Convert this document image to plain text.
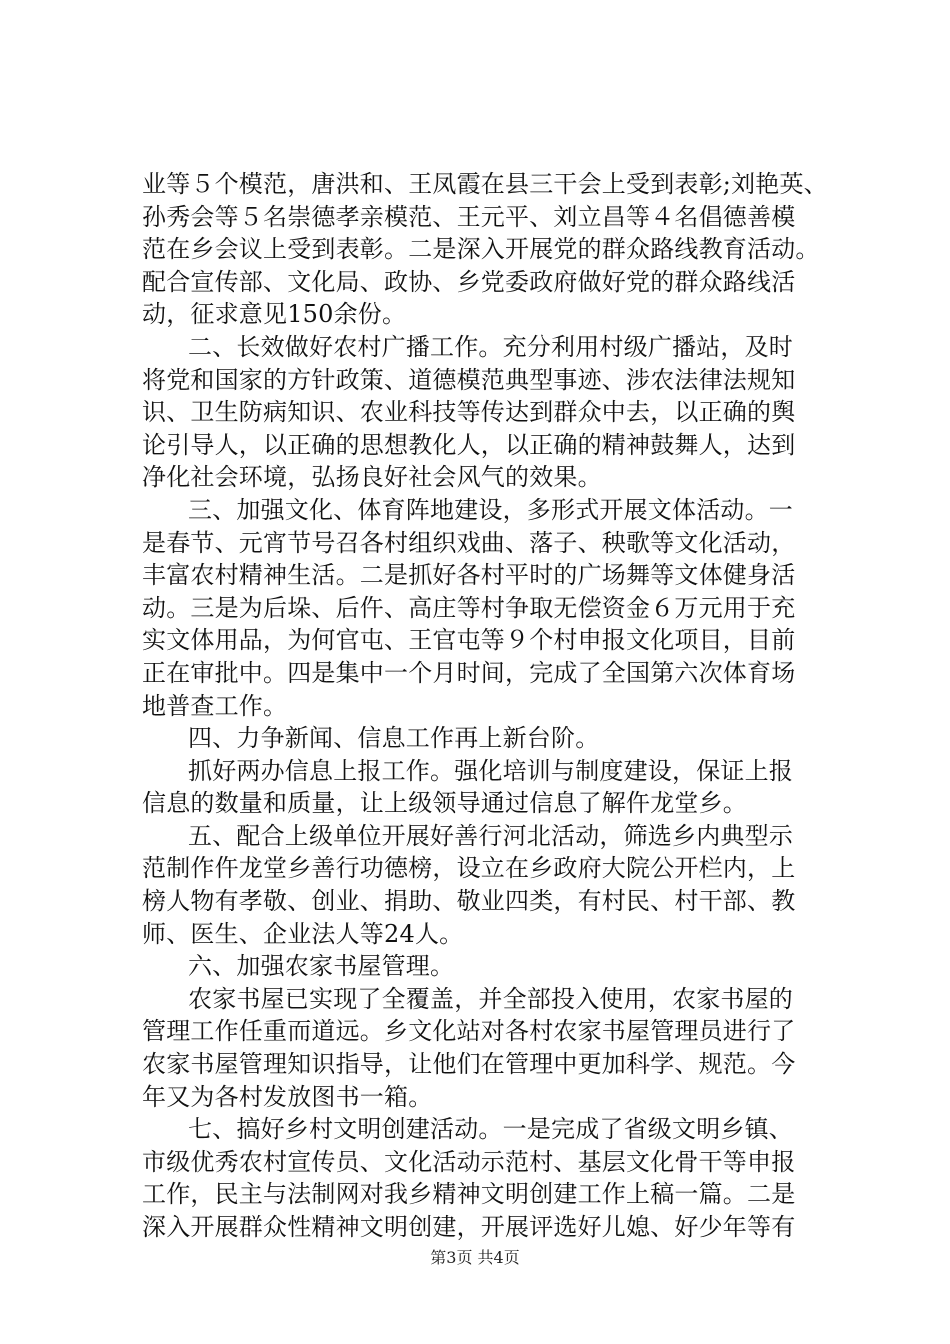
业等５个模范，唐洪和、王凤霞在县三干会上受到表彰;刘艳英、
孙秀会等５名崇德孝亲模范、王元平、刘立昌等４名倡德善模
范在乡会议上受到表彰。二是深入开展党的群众路线教育活动。
配合宣传部、文化局、政协、乡党委政府做好党的群众路线活
动，征求意见150余份。
二、长效做好农村广播工作。充分利用村级广播站，及时
将党和国家的方针政策、道德模范典型事迹、涉农法律法规知
识、卫生防病知识、农业科技等传达到群众中去，以正确的舆
论引导人，以正确的思想教化人，以正确的精神鼓舞人，达到
净化社会环境，弘扬良好社会风气的效果。
三、加强文化、体育阵地建设，多形式开展文体活动。一
是春节、元宵节号召各村组织戏曲、落子、秧歌等文化活动，
丰富农村精神生活。二是抓好各村平时的广场舞等文体健身活
动。三是为后垛、后仵、高庄等村争取无偿资金６万元用于充
实文体用品，为何官屯、王官屯等９个村申报文化项目，目前
正在审批中。四是集中一个月时间，完成了全国第六次体育场
地普查工作。
四、力争新闻、信息工作再上新台阶。
抓好两办信息上报工作。强化培训与制度建设，保证上报
信息的数量和质量，让上级领导通过信息了解仵龙堂乡。
五、配合上级单位开展好善行河北活动，筛选乡内典型示
范制作仵龙堂乡善行功德榜，设立在乡政府大院公开栏内，上
榜人物有孝敬、创业、捐助、敬业四类，有村民、村干部、教
师、医生、企业法人等24人。
六、加强农家书屋管理。
农家书屋已实现了全覆盖，并全部投入使用，农家书屋的
管理工作任重而道远。乡文化站对各村农家书屋管理员进行了
农家书屋管理知识指导，让他们在管理中更加科学、规范。今
年又为各村发放图书一箱。
七、搞好乡村文明创建活动。一是完成了省级文明乡镇、
市级优秀农村宣传员、文化活动示范村、基层文化骨干等申报
工作，民主与法制网对我乡精神文明创建工作上稿一篇。二是
深入开展群众性精神文明创建，开展评选好儿媳、好少年等有
第3页 共4页
